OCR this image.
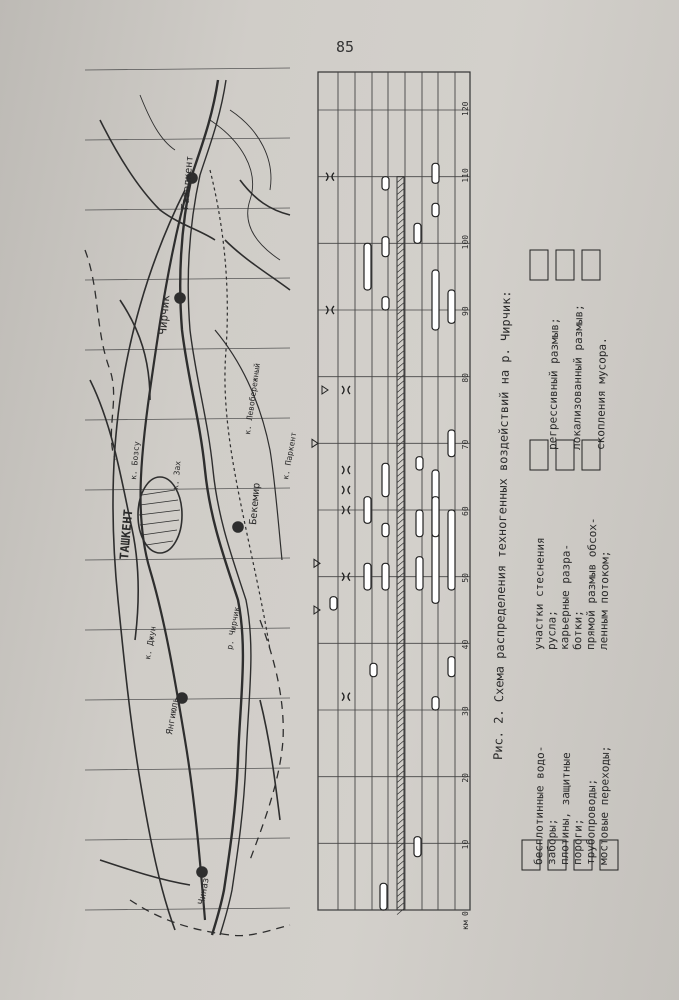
85
Газалкент
Чирчик
ТАШКЕНТ
Бекемир
Янгиюль
Чиназ
к. Бозсу	к. Зах
к. Джун	р. Чирчик
к. Левобережный
к. Паркент
0
10
20
30
40
50
60
70
80
90
100
110
120
км
Рис. 2. Схема распределения техногенных воздействий на р. Чирчик:
бесплотинные водо-
заборы; плотины, защитные
пороги; трубопроводы;
мостовые переходы;
участки стеснения
русла; карьерные разра-
ботки; прямой размыв обсох-
ленным потоком;
регрессивный размыв; локализованный размыв; скопления мусора.
